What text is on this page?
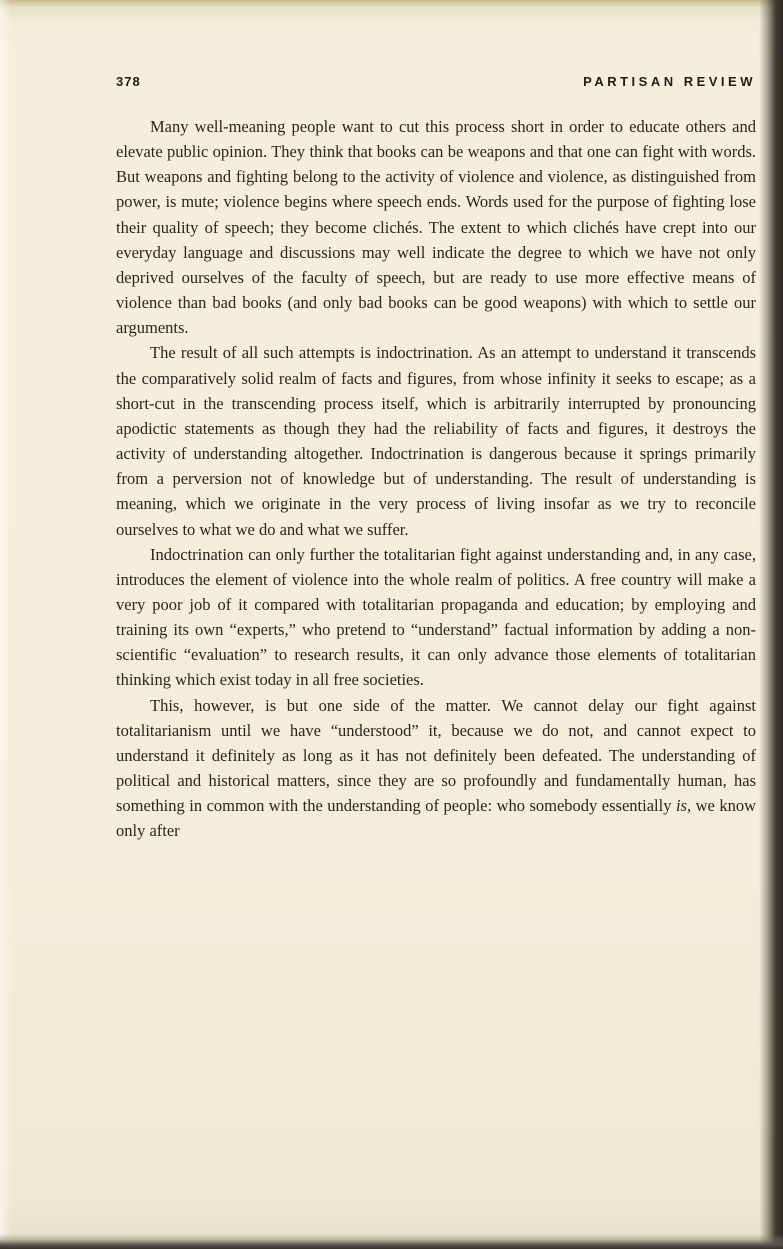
378	PARTISAN REVIEW

Many well-meaning people want to cut this process short in order to educate others and elevate public opinion. They think that books can be weapons and that one can fight with words. But weapons and fighting belong to the activity of violence and violence, as distinguished from power, is mute; violence begins where speech ends. Words used for the purpose of fighting lose their quality of speech; they become clichés. The extent to which clichés have crept into our everyday language and discussions may well indicate the degree to which we have not only deprived ourselves of the faculty of speech, but are ready to use more effective means of violence than bad books (and only bad books can be good weapons) with which to settle our arguments.

The result of all such attempts is indoctrination. As an attempt to understand it transcends the comparatively solid realm of facts and figures, from whose infinity it seeks to escape; as a short-cut in the transcending process itself, which is arbitrarily interrupted by pronouncing apodictic statements as though they had the reliability of facts and figures, it destroys the activity of understanding altogether. Indoctrination is dangerous because it springs primarily from a perversion not of knowledge but of understanding. The result of understanding is meaning, which we originate in the very process of living insofar as we try to reconcile ourselves to what we do and what we suffer.

Indoctrination can only further the totalitarian fight against understanding and, in any case, introduces the element of violence into the whole realm of politics. A free country will make a very poor job of it compared with totalitarian propaganda and education; by employing and training its own “experts,” who pretend to “understand” factual information by adding a non-scientific “evaluation” to research results, it can only advance those elements of totalitarian thinking which exist today in all free societies.

This, however, is but one side of the matter. We cannot delay our fight against totalitarianism until we have “understood” it, because we do not, and cannot expect to understand it definitely as long as it has not definitely been defeated. The understanding of political and historical matters, since they are so profoundly and fundamentally human, has something in common with the understanding of people: who somebody essentially is, we know only after
